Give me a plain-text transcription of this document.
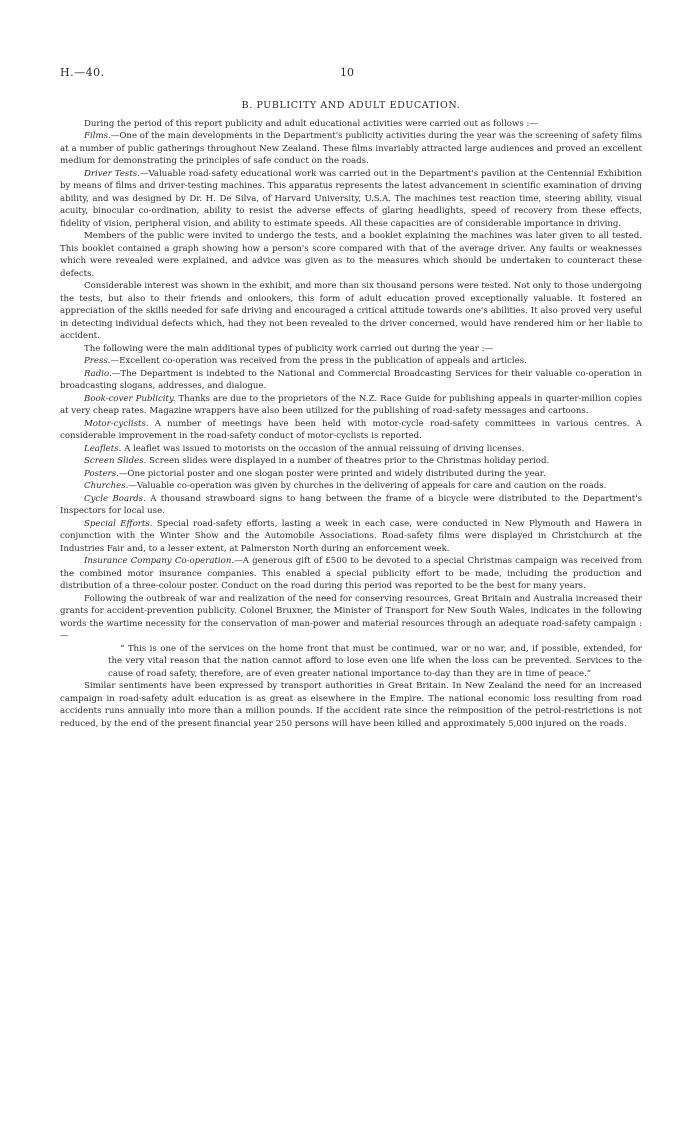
H.—40.	10
B. PUBLICITY AND ADULT EDUCATION.

During the period of this report publicity and adult educational activities were carried out as follows :—

Films.—One of the main developments in the Department's publicity activities during the year was the screening of safety films at a number of public gatherings throughout New Zealand. These films invariably attracted large audiences and proved an excellent medium for demonstrating the principles of safe conduct on the roads.

Driver Tests.—Valuable road-safety educational work was carried out in the Department's pavilion at the Centennial Exhibition by means of films and driver-testing machines. This apparatus represents the latest advancement in scientific examination of driving ability, and was designed by Dr. H. De Silva, of Harvard University, U.S.A. The machines test reaction time, steering ability, visual acuity, binocular co-ordination, ability to resist the adverse effects of glaring headlights, speed of recovery from these effects, fidelity of vision, peripheral vision, and ability to estimate speeds. All these capacities are of considerable importance in driving.

Members of the public were invited to undergo the tests, and a booklet explaining the machines was later given to all tested. This booklet contained a graph showing how a person's score compared with that of the average driver. Any faults or weaknesses which were revealed were explained, and advice was given as to the measures which should be undertaken to counteract these defects.

Considerable interest was shown in the exhibit, and more than six thousand persons were tested. Not only to those undergoing the tests, but also to their friends and onlookers, this form of adult education proved exceptionally valuable. It fostered an appreciation of the skills needed for safe driving and encouraged a critical attitude towards one's abilities. It also proved very useful in detecting individual defects which, had they not been revealed to the driver concerned, would have rendered him or her liable to accident.

The following were the main additional types of publicity work carried out during the year :—

Press.—Excellent co-operation was received from the press in the publication of appeals and articles.

Radio.—The Department is indebted to the National and Commercial Broadcasting Services for their valuable co-operation in broadcasting slogans, addresses, and dialogue.

Book-cover Publicity. Thanks are due to the proprietors of the N.Z. Race Guide for publishing appeals in quarter-million copies at very cheap rates. Magazine wrappers have also been utilized for the publishing of road-safety messages and cartoons.

Motor-cyclists. A number of meetings have been held with motor-cycle road-safety committees in various centres. A considerable improvement in the road-safety conduct of motor-cyclists is reported.

Leaflets. A leaflet was issued to motorists on the occasion of the annual reissuing of driving licenses.

Screen Slides. Screen slides were displayed in a number of theatres prior to the Christmas holiday period.

Posters.—One pictorial poster and one slogan poster were printed and widely distributed during the year.

Churches.—Valuable co-operation was given by churches in the delivering of appeals for care and caution on the roads.

Cycle Boards. A thousand strawboard signs to hang between the frame of a bicycle were distributed to the Department's Inspectors for local use.

Special Efforts. Special road-safety efforts, lasting a week in each case, were conducted in New Plymouth and Hawera in conjunction with the Winter Show and the Automobile Associations. Road-safety films were displayed in Christchurch at the Industries Fair and, to a lesser extent, at Palmerston North during an enforcement week.

Insurance Company Co-operation.—A generous gift of £500 to be devoted to a special Christmas campaign was received from the combined motor insurance companies. This enabled a special publicity effort to be made, including the production and distribution of a three-colour poster. Conduct on the road during this period was reported to be the best for many years.

Following the outbreak of war and realization of the need for conserving resources, Great Britain and Australia increased their grants for accident-prevention publicity. Colonel Bruxner, the Minister of Transport for New South Wales, indicates in the following words the wartime necessity for the conservation of man-power and material resources through an adequate road-safety campaign :—

“ This is one of the services on the home front that must be continued, war or no war, and, if possible, extended, for the very vital reason that the nation cannot afford to lose even one life when the loss can be prevented. Services to the cause of road safety, therefore, are of even greater national importance to-day than they are in time of peace.”

Similar sentiments have been expressed by transport authorities in Great Britain. In New Zealand the need for an increased campaign in road-safety adult education is as great as elsewhere in the Empire. The national economic loss resulting from road accidents runs annually into more than a million pounds. If the accident rate since the reimposition of the petrol-restrictions is not reduced, by the end of the present financial year 250 persons will have been killed and approximately 5,000 injured on the roads.
